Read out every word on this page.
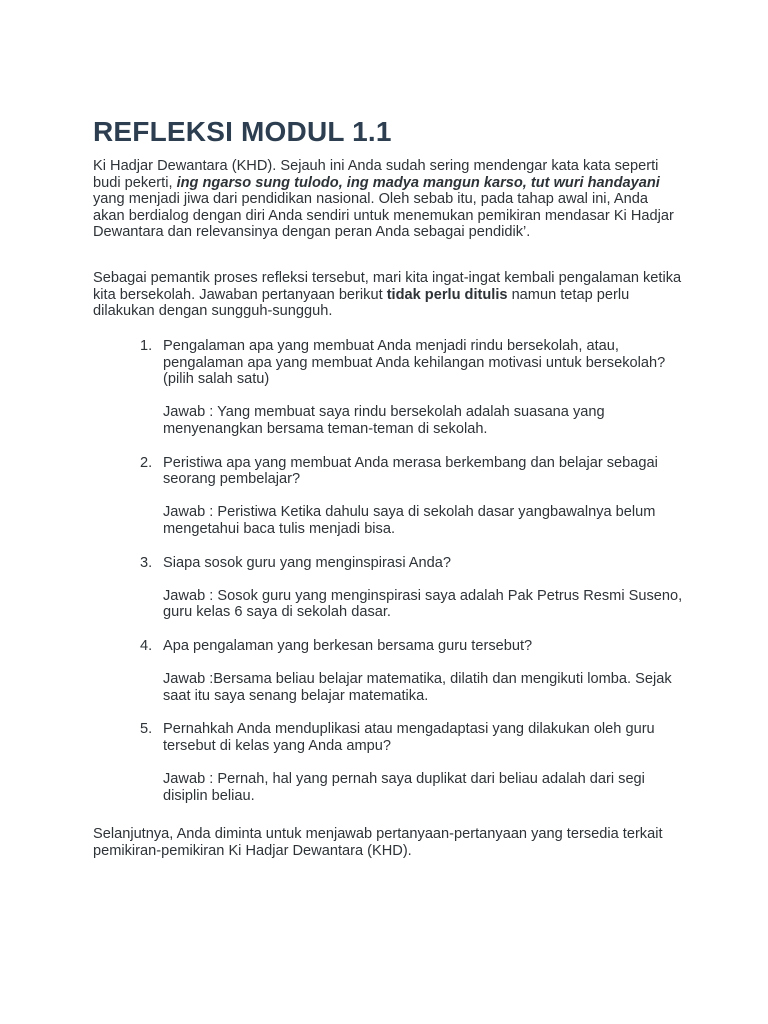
REFLEKSI MODUL 1.1

Ki Hadjar Dewantara (KHD). Sejauh ini Anda sudah sering mendengar kata kata seperti budi pekerti, ing ngarso sung tulodo, ing madya mangun karso, tut wuri handayani yang menjadi jiwa dari pendidikan nasional. Oleh sebab itu, pada tahap awal ini, Anda akan berdialog dengan diri Anda sendiri untuk menemukan pemikiran mendasar Ki Hadjar Dewantara dan relevansinya dengan peran Anda sebagai pendidik’.

Sebagai pemantik proses refleksi tersebut, mari kita ingat-ingat kembali pengalaman ketika kita bersekolah. Jawaban pertanyaan berikut tidak perlu ditulis namun tetap perlu dilakukan dengan sungguh-sungguh.

1. Pengalaman apa yang membuat Anda menjadi rindu bersekolah, atau, pengalaman apa yang membuat Anda kehilangan motivasi untuk bersekolah? (pilih salah satu)

Jawab : Yang membuat saya rindu bersekolah adalah suasana yang menyenangkan bersama teman-teman di sekolah.

2. Peristiwa apa yang membuat Anda merasa berkembang dan belajar sebagai seorang pembelajar?

Jawab : Peristiwa Ketika dahulu saya di sekolah dasar yangbawalnya belum mengetahui baca tulis menjadi bisa.

3. Siapa sosok guru yang menginspirasi Anda?

Jawab : Sosok guru yang menginspirasi saya adalah Pak Petrus Resmi Suseno, guru kelas 6 saya di sekolah dasar.

4. Apa pengalaman yang berkesan bersama guru tersebut?

Jawab :Bersama beliau belajar matematika, dilatih dan mengikuti lomba. Sejak saat itu saya senang belajar matematika.

5. Pernahkah Anda menduplikasi atau mengadaptasi yang dilakukan oleh guru tersebut di kelas yang Anda ampu?

Jawab : Pernah, hal yang pernah saya duplikat dari beliau adalah dari segi disiplin beliau.

Selanjutnya, Anda diminta untuk menjawab pertanyaan-pertanyaan yang tersedia terkait pemikiran-pemikiran Ki Hadjar Dewantara (KHD).
